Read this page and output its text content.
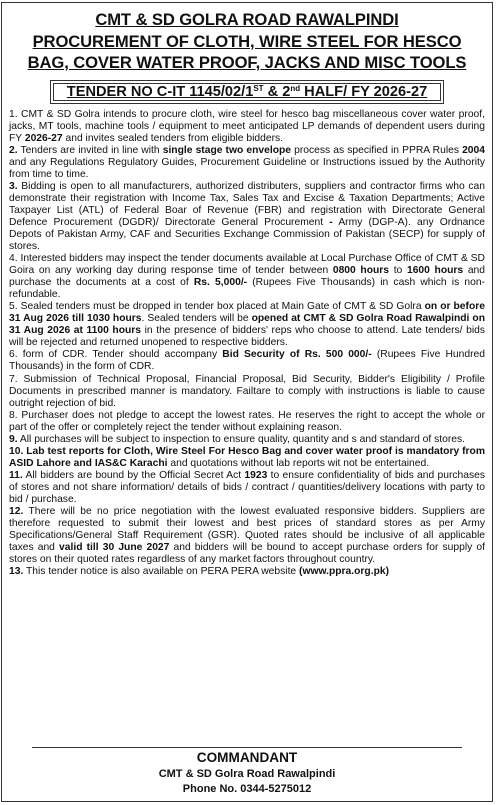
CMT & SD GOLRA ROAD RAWALPINDI
PROCUREMENT OF CLOTH, WIRE STEEL FOR HESCO
BAG, COVER WATER PROOF, JACKS AND MISC TOOLS
TENDER NO C-IT 1145/02/1ST & 2nd HALF/ FY 2026-27

1. CMT & SD Golra intends to procure cloth, wire steel for hesco bag miscellaneous cover water proof, jacks, MT tools, machine tools / equipment to meet anticipated LP demands of dependent users during FY 2026-27 and invites sealed tenders from eligible bidders.

2. Tenders are invited in line with single stage two envelope process as specified in PPRA Rules 2004 and any Regulations Regulatory Guides, Procurement Guideline or Instructions issued by the Authority from time to time.

3. Bidding is open to all manufacturers, authorized distributers, suppliers and contractor firms who can demonstrate their registration with Income Tax, Sales Tax and Excise & Taxation Departments; Active Taxpayer List (ATL) of Federal Boar of Revenue (FBR) and registration with Directorate General Defence Procurement (DGDR)/ Directorate General Procurement - Army (DGP-A). any Ordnance Depots of Pakistan Army, CAF and Securities Exchange Commission of Pakistan (SECP) for supply of stores.

4. Interested bidders may inspect the tender documents available at Local Purchase Office of CMT & SD Goira on any working day during response time of tender between 0800 hours to 1600 hours and purchase the documents at a cost of Rs. 5,000/- (Rupees Five Thousands) in cash which is non-refundable.

5. Sealed tenders must be dropped in tender box placed at Main Gate of CMT & SD Golra on or before 31 Aug 2026 till 1030 hours. Sealed tenders will be opened at CMT & SD Golra Road Rawalpindi on 31 Aug 2026 at 1100 hours in the presence of bidders' reps who choose to attend. Late tenders/ bids will be rejected and returned unopened to respective bidders.

6. form of CDR. Tender should accompany Bid Security of Rs. 500 000/- (Rupees Five Hundred Thousands) in the form of CDR.

7. Submission of Technical Proposal, Financial Proposal, Bid Security, Bidder's Eligibility / Profile Documents in prescribed manner is mandatory. Failtare to comply with instructions is liable to cause outright rejection of bid.

8. Purchaser does not pledge to accept the lowest rates. He reserves the right to accept the whole or part of the offer or completely reject the tender without explaining reason.

9. All purchases will be subject to inspection to ensure quality, quantity and s and standard of stores.

10. Lab test reports for Cloth, Wire Steel For Hesco Bag and cover water proof is mandatory from ASID Lahore and IAS&C Karachi and quotations without lab reports wit not be entertained.

11. All bidders are bound by the Official Secret Act 1923 to ensure confidentiality of bids and purchases of stores and not share information/ details of bids / contract / quantities/delivery locations with party to bid / purchase.

12. There will be no price negotiation with the lowest evaluated responsive bidders. Suppliers are therefore requested to submit their lowest and best prices of standard stores as per Army Specifications/General Staff Requirement (GSR). Quoted rates should be inclusive of all applicable taxes and valid till 30 June 2027 and bidders will be bound to accept purchase orders for supply of stores on their quoted rates regardless of any market factors throughout country.

13. This tender notice is also available on PERA PERA website (www.ppra.org.pk)

COMMANDANT
CMT & SD Golra Road Rawalpindi
Phone No. 0344-5275012
